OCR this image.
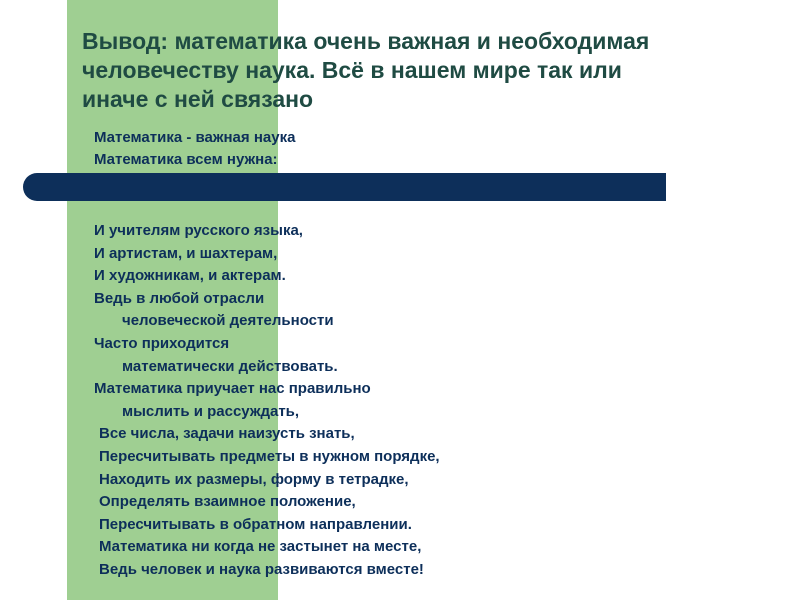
Вывод: математика очень важная и необходимая
человечеству наука. Всё в нашем мире так или
иначе с ней связано
Математика - важная наука
Математика всем нужна:
И учителям русского языка,
И артистам, и шахтерам,
И художникам, и актерам.
Ведь в любой отрасли
человеческой деятельности
Часто приходится
математически действовать.
Математика приучает нас правильно
мыслить и рассуждать,
Все числа, задачи наизусть знать,
Пересчитывать предметы в нужном порядке,
Находить их размеры, форму в тетрадке,
Определять взаимное положение,
Пересчитывать в обратном направлении.
Математика ни когда не застынет на месте,
Ведь человек и наука развиваются вместе!
